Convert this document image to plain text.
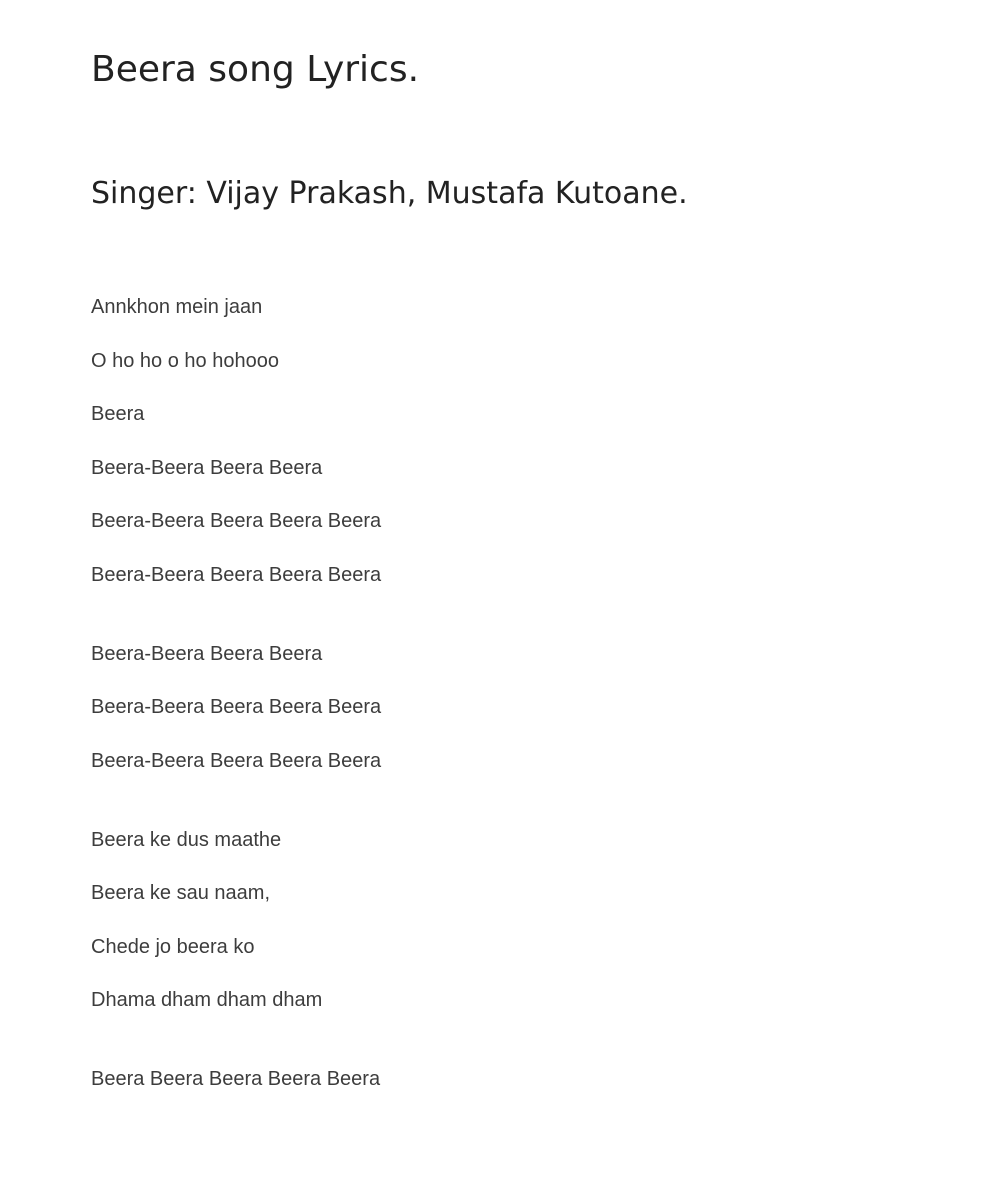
Beera song Lyrics.
Singer: Vijay Prakash, Mustafa Kutoane.

Annkhon mein jaan

O ho ho o ho hohooo

Beera

Beera-Beera Beera Beera

Beera-Beera Beera Beera Beera

Beera-Beera Beera Beera Beera

Beera-Beera Beera Beera

Beera-Beera Beera Beera Beera

Beera-Beera Beera Beera Beera

Beera ke dus maathe

Beera ke sau naam,

Chede jo beera ko

Dhama dham dham dham

Beera Beera Beera Beera Beera
